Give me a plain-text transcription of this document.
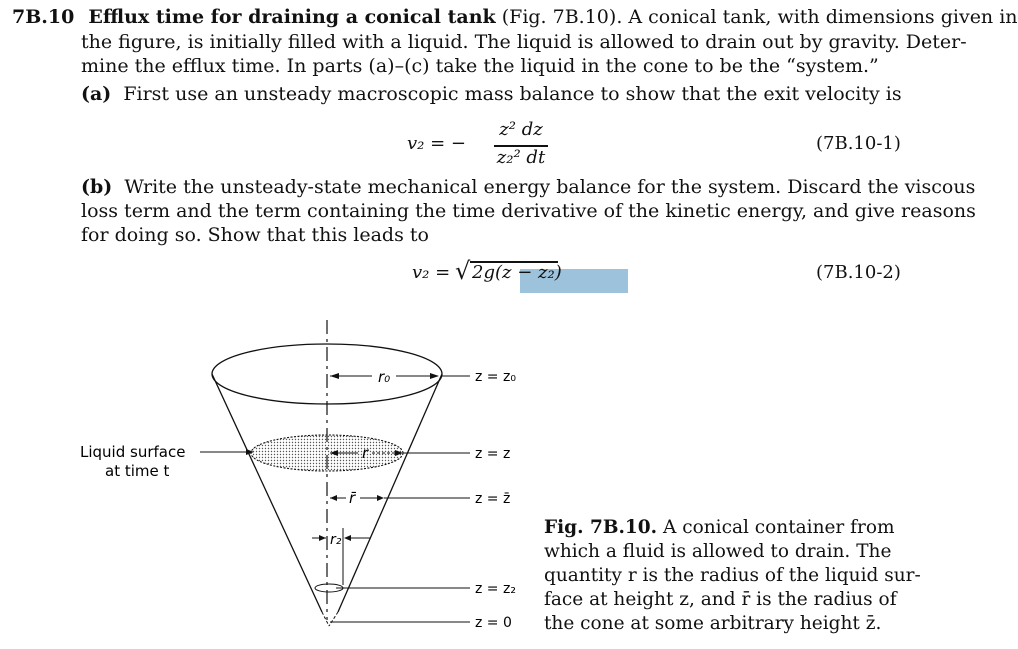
7B.10 Efflux time for draining a conical tank (Fig. 7B.10). A conical tank, with dimensions given in
the figure, is initially filled with a liquid. The liquid is allowed to drain out by gravity. Deter-
mine the efflux time. In parts (a)–(c) take the liquid in the cone to be the “system.”
(a) First use an unsteady macroscopic mass balance to show that the exit velocity is
v₂ = −
z² dz
z₂² dt
(7B.10-1)
(b) Write the unsteady-state mechanical energy balance for the system. Discard the viscous
loss term and the term containing the time derivative of the kinetic energy, and give reasons
for doing so. Show that this leads to
v₂ = √ 2g(z − z₂)	(7B.10-2)
r₀
r
r̄
r₂
z = z₀
z = z
z = z̄
z = z₂
z = 0
Liquid surface
at time t
Fig. 7B.10. A conical container from
which a fluid is allowed to drain. The
quantity r is the radius of the liquid sur-
face at height z, and r̄ is the radius of
the cone at some arbitrary height z̄.
